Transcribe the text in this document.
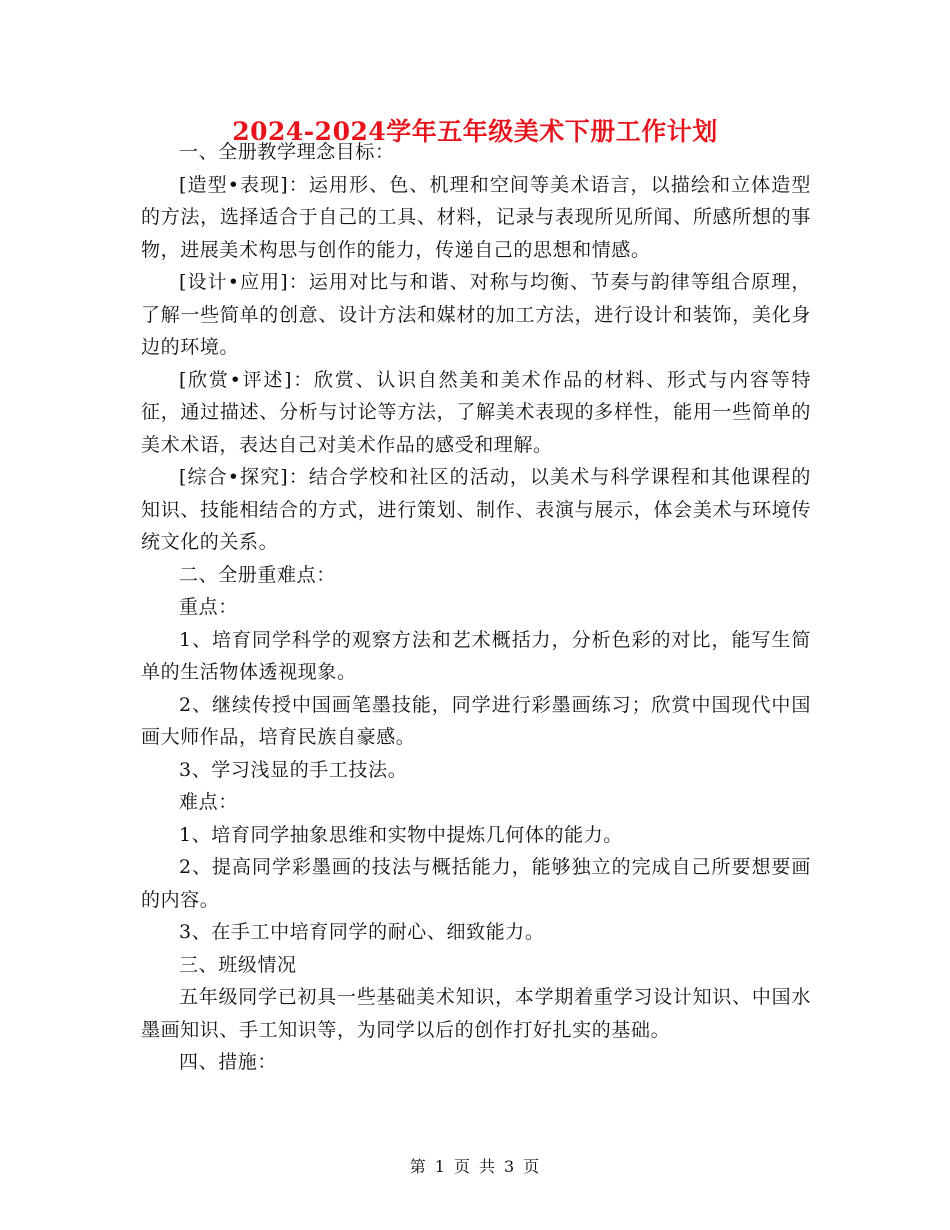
2024-2024学年五年级美术下册工作计划

一、全册教学理念目标：

[造型•表现]：运用形、色、机理和空间等美术语言，以描绘和立体造型的方法，选择适合于自己的工具、材料，记录与表现所见所闻、所感所想的事物，进展美术构思与创作的能力，传递自己的思想和情感。

[设计•应用]：运用对比与和谐、对称与均衡、节奏与韵律等组合原理，了解一些简单的创意、设计方法和媒材的加工方法，进行设计和装饰，美化身边的环境。

[欣赏•评述]：欣赏、认识自然美和美术作品的材料、形式与内容等特征，通过描述、分析与讨论等方法，了解美术表现的多样性，能用一些简单的美术术语，表达自己对美术作品的感受和理解。

[综合•探究]：结合学校和社区的活动，以美术与科学课程和其他课程的知识、技能相结合的方式，进行策划、制作、表演与展示，体会美术与环境传统文化的关系。

二、全册重难点：

重点：

1、培育同学科学的观察方法和艺术概括力，分析色彩的对比，能写生简单的生活物体透视现象。

2、继续传授中国画笔墨技能，同学进行彩墨画练习；欣赏中国现代中国画大师作品，培育民族自豪感。

3、学习浅显的手工技法。

难点：

1、培育同学抽象思维和实物中提炼几何体的能力。

2、提高同学彩墨画的技法与概括能力，能够独立的完成自己所要想要画的内容。

3、在手工中培育同学的耐心、细致能力。

三、班级情况

五年级同学已初具一些基础美术知识，本学期着重学习设计知识、中国水墨画知识、手工知识等，为同学以后的创作打好扎实的基础。

四、措施：

第 1 页 共 3 页
